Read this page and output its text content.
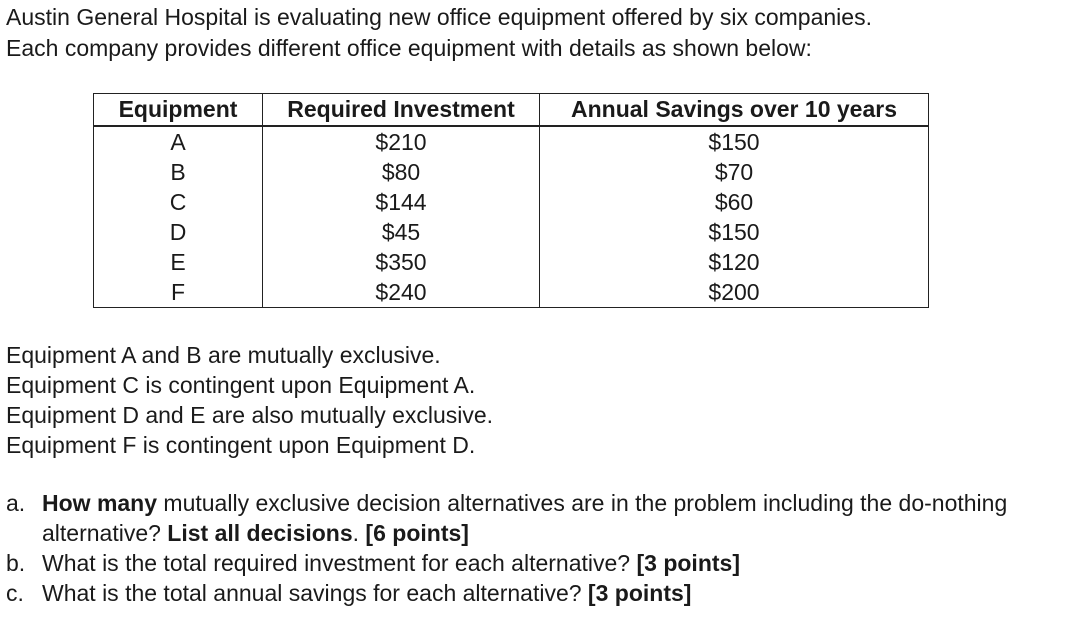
Austin General Hospital is evaluating new office equipment offered by six companies.

Each company provides different office equipment with details as shown below:

Equipment	Required Investment	Annual Savings over 10 years
A	$210	$150
B	$80	$70
C	$144	$60
D	$45	$150
E	$350	$120
F	$240	$200

Equipment A and B are mutually exclusive.

Equipment C is contingent upon Equipment A.

Equipment D and E are also mutually exclusive.

Equipment F is contingent upon Equipment D.

a. How many mutually exclusive decision alternatives are in the problem including the do-nothing alternative? List all decisions. [6 points]
b. What is the total required investment for each alternative? [3 points]
c. What is the total annual savings for each alternative? [3 points]
